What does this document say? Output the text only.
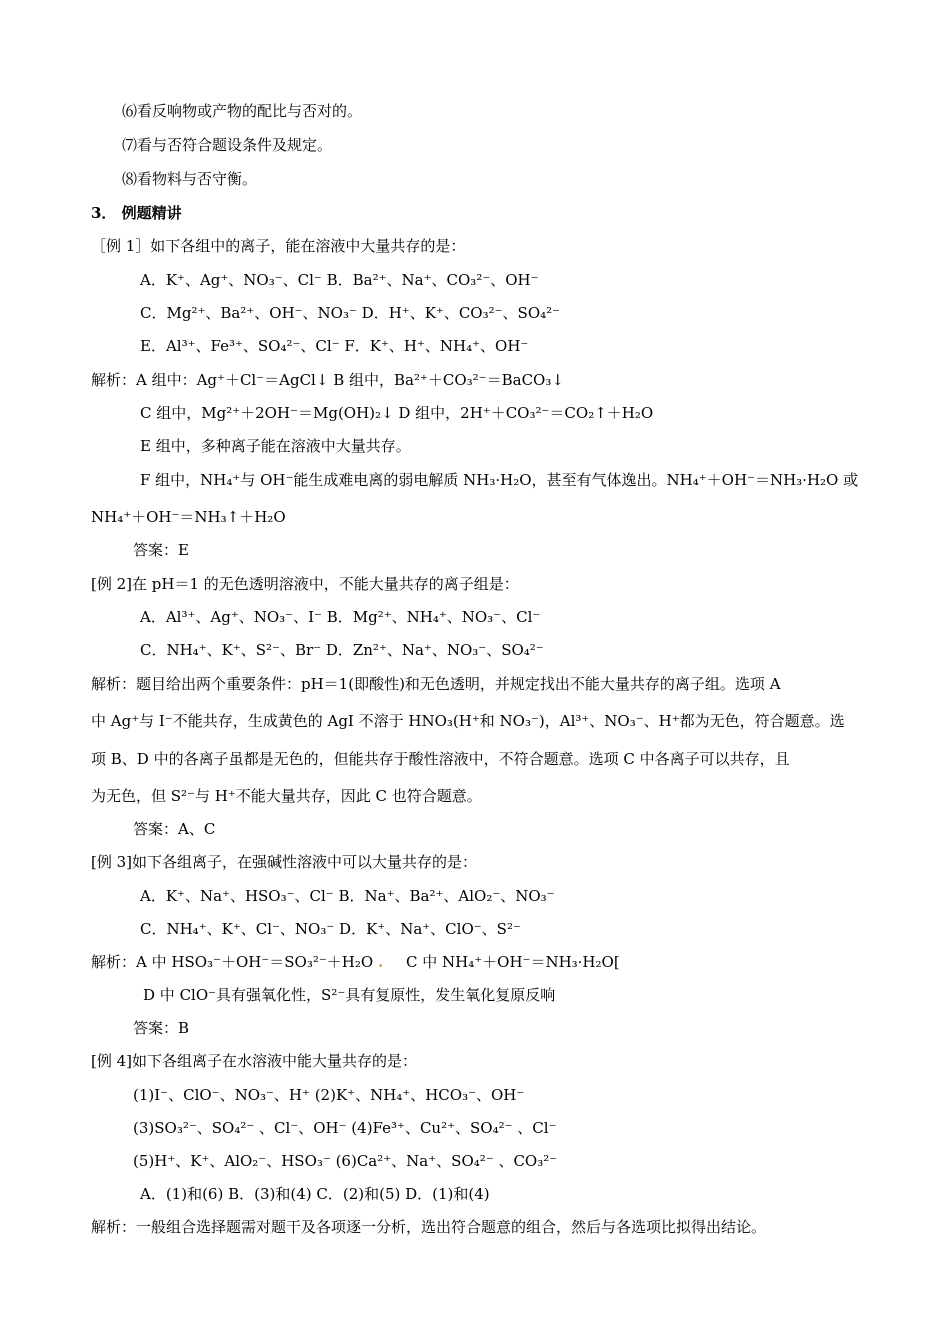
⑹看反响物或产物的配比与否对的。
⑺看与否符合题设条件及规定。
⑻看物料与否守衡。
3． 例题精讲
［例 1］如下各组中的离子，能在溶液中大量共存的是：
A．K⁺、Ag⁺、NO₃⁻、Cl⁻ B．Ba²⁺、Na⁺、CO₃²⁻、OH⁻
C．Mg²⁺、Ba²⁺、OH⁻、NO₃⁻ D．H⁺、K⁺、CO₃²⁻、SO₄²⁻
E．Al³⁺、Fe³⁺、SO₄²⁻、Cl⁻ F．K⁺、H⁺、NH₄⁺、OH⁻
解析：A 组中：Ag⁺＋Cl⁻＝AgCl↓ B 组中，Ba²⁺＋CO₃²⁻＝BaCO₃↓
C 组中，Mg²⁺＋2OH⁻＝Mg(OH)₂↓ D 组中，2H⁺＋CO₃²⁻＝CO₂↑＋H₂O
E 组中，多种离子能在溶液中大量共存。
F 组中，NH₄⁺与 OH⁻能生成难电离的弱电解质 NH₃·H₂O，甚至有气体逸出。NH₄⁺＋OH⁻＝NH₃·H₂O 或
NH₄⁺＋OH⁻＝NH₃↑＋H₂O
答案：E
[例 2]在 pH＝1 的无色透明溶液中，不能大量共存的离子组是：
A．Al³⁺、Ag⁺、NO₃⁻、I⁻ B．Mg²⁺、NH₄⁺、NO₃⁻、Cl⁻
C．NH₄⁺、K⁺、S²⁻、Br⁻ D．Zn²⁺、Na⁺、NO₃⁻、SO₄²⁻
解析：题目给出两个重要条件：pH＝1(即酸性)和无色透明，并规定找出不能大量共存的离子组。选项 A
中 Ag⁺与 I⁻不能共存，生成黄色的 AgI 不溶于 HNO₃(H⁺和 NO₃⁻)，Al³⁺、NO₃⁻、H⁺都为无色，符合题意。选
项 B、D 中的各离子虽都是无色的，但能共存于酸性溶液中，不符合题意。选项 C 中各离子可以共存，且
为无色，但 S²⁻与 H⁺不能大量共存，因此 C 也符合题意。
答案：A、C
[例 3]如下各组离子，在强碱性溶液中可以大量共存的是：
A．K⁺、Na⁺、HSO₃⁻、Cl⁻ B．Na⁺、Ba²⁺、AlO₂⁻、NO₃⁻
C．NH₄⁺、K⁺、Cl⁻、NO₃⁻ D．K⁺、Na⁺、ClO⁻、S²⁻
解析：A 中 HSO₃⁻＋OH⁻＝SO₃²⁻＋H₂O . C 中 NH₄⁺＋OH⁻＝NH₃·H₂O[
D 中 ClO⁻具有强氧化性，S²⁻具有复原性，发生氧化复原反响
答案：B
[例 4]如下各组离子在水溶液中能大量共存的是：
(1)I⁻、ClO⁻、NO₃⁻、H⁺ (2)K⁺、NH₄⁺、HCO₃⁻、OH⁻
(3)SO₃²⁻、SO₄²⁻ 、Cl⁻、OH⁻ (4)Fe³⁺、Cu²⁺、SO₄²⁻ 、Cl⁻
(5)H⁺、K⁺、AlO₂⁻、HSO₃⁻ (6)Ca²⁺、Na⁺、SO₄²⁻ 、CO₃²⁻
A．(1)和(6) B．(3)和(4) C．(2)和(5) D．(1)和(4)
解析：一般组合选择题需对题干及各项逐一分析，选出符合题意的组合，然后与各选项比拟得出结论。
